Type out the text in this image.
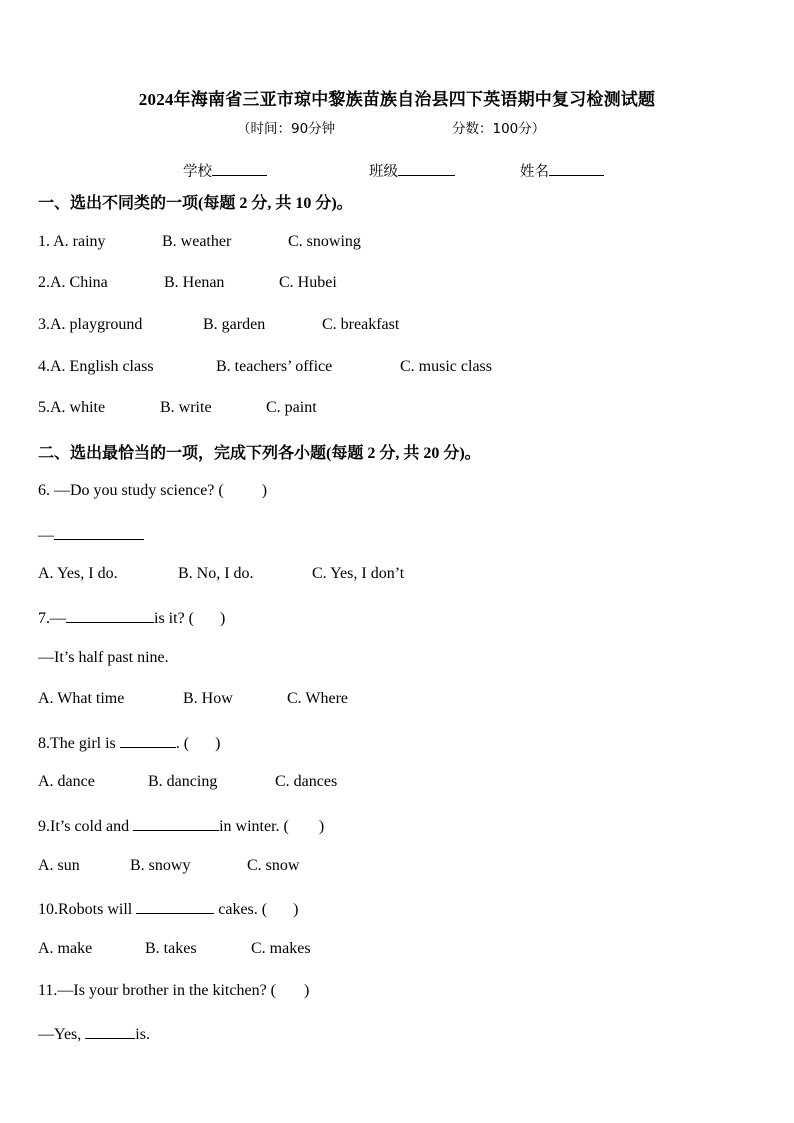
2024年海南省三亚市琼中黎族苗族自治县四下英语期中复习检测试题
（时间：90分钟	分数：100分）
学校	班级	姓名
一、选出不同类的一项(每题 2 分, 共 10 分)。
1. A. rainy	B. weather	C. snowing
2.A. China	B. Henan	C. Hubei
3.A. playground	B. garden	C. breakfast
4.A. English class	B. teachers’ office	C. music class
5.A. white	B. write	C. paint
二、选出最恰当的一项，完成下列各小题(每题 2 分, 共 20 分)。
6. —Do you study science? ( )
—
A. Yes, I do.	B. No, I do.	C. Yes, I don’t
7.—	is it? ( )
—It’s half past nine.
A. What time	B. How	C. Where
8.The girl is	. ( )
A. dance	B. dancing	C. dances
9.It’s cold and	in winter. ( )
A. sun	B. snowy	C. snow
10.Robots will	cakes. ( )
A. make	B. takes	C. makes
11.—Is your brother in the kitchen? ( )
—Yes,	is.
